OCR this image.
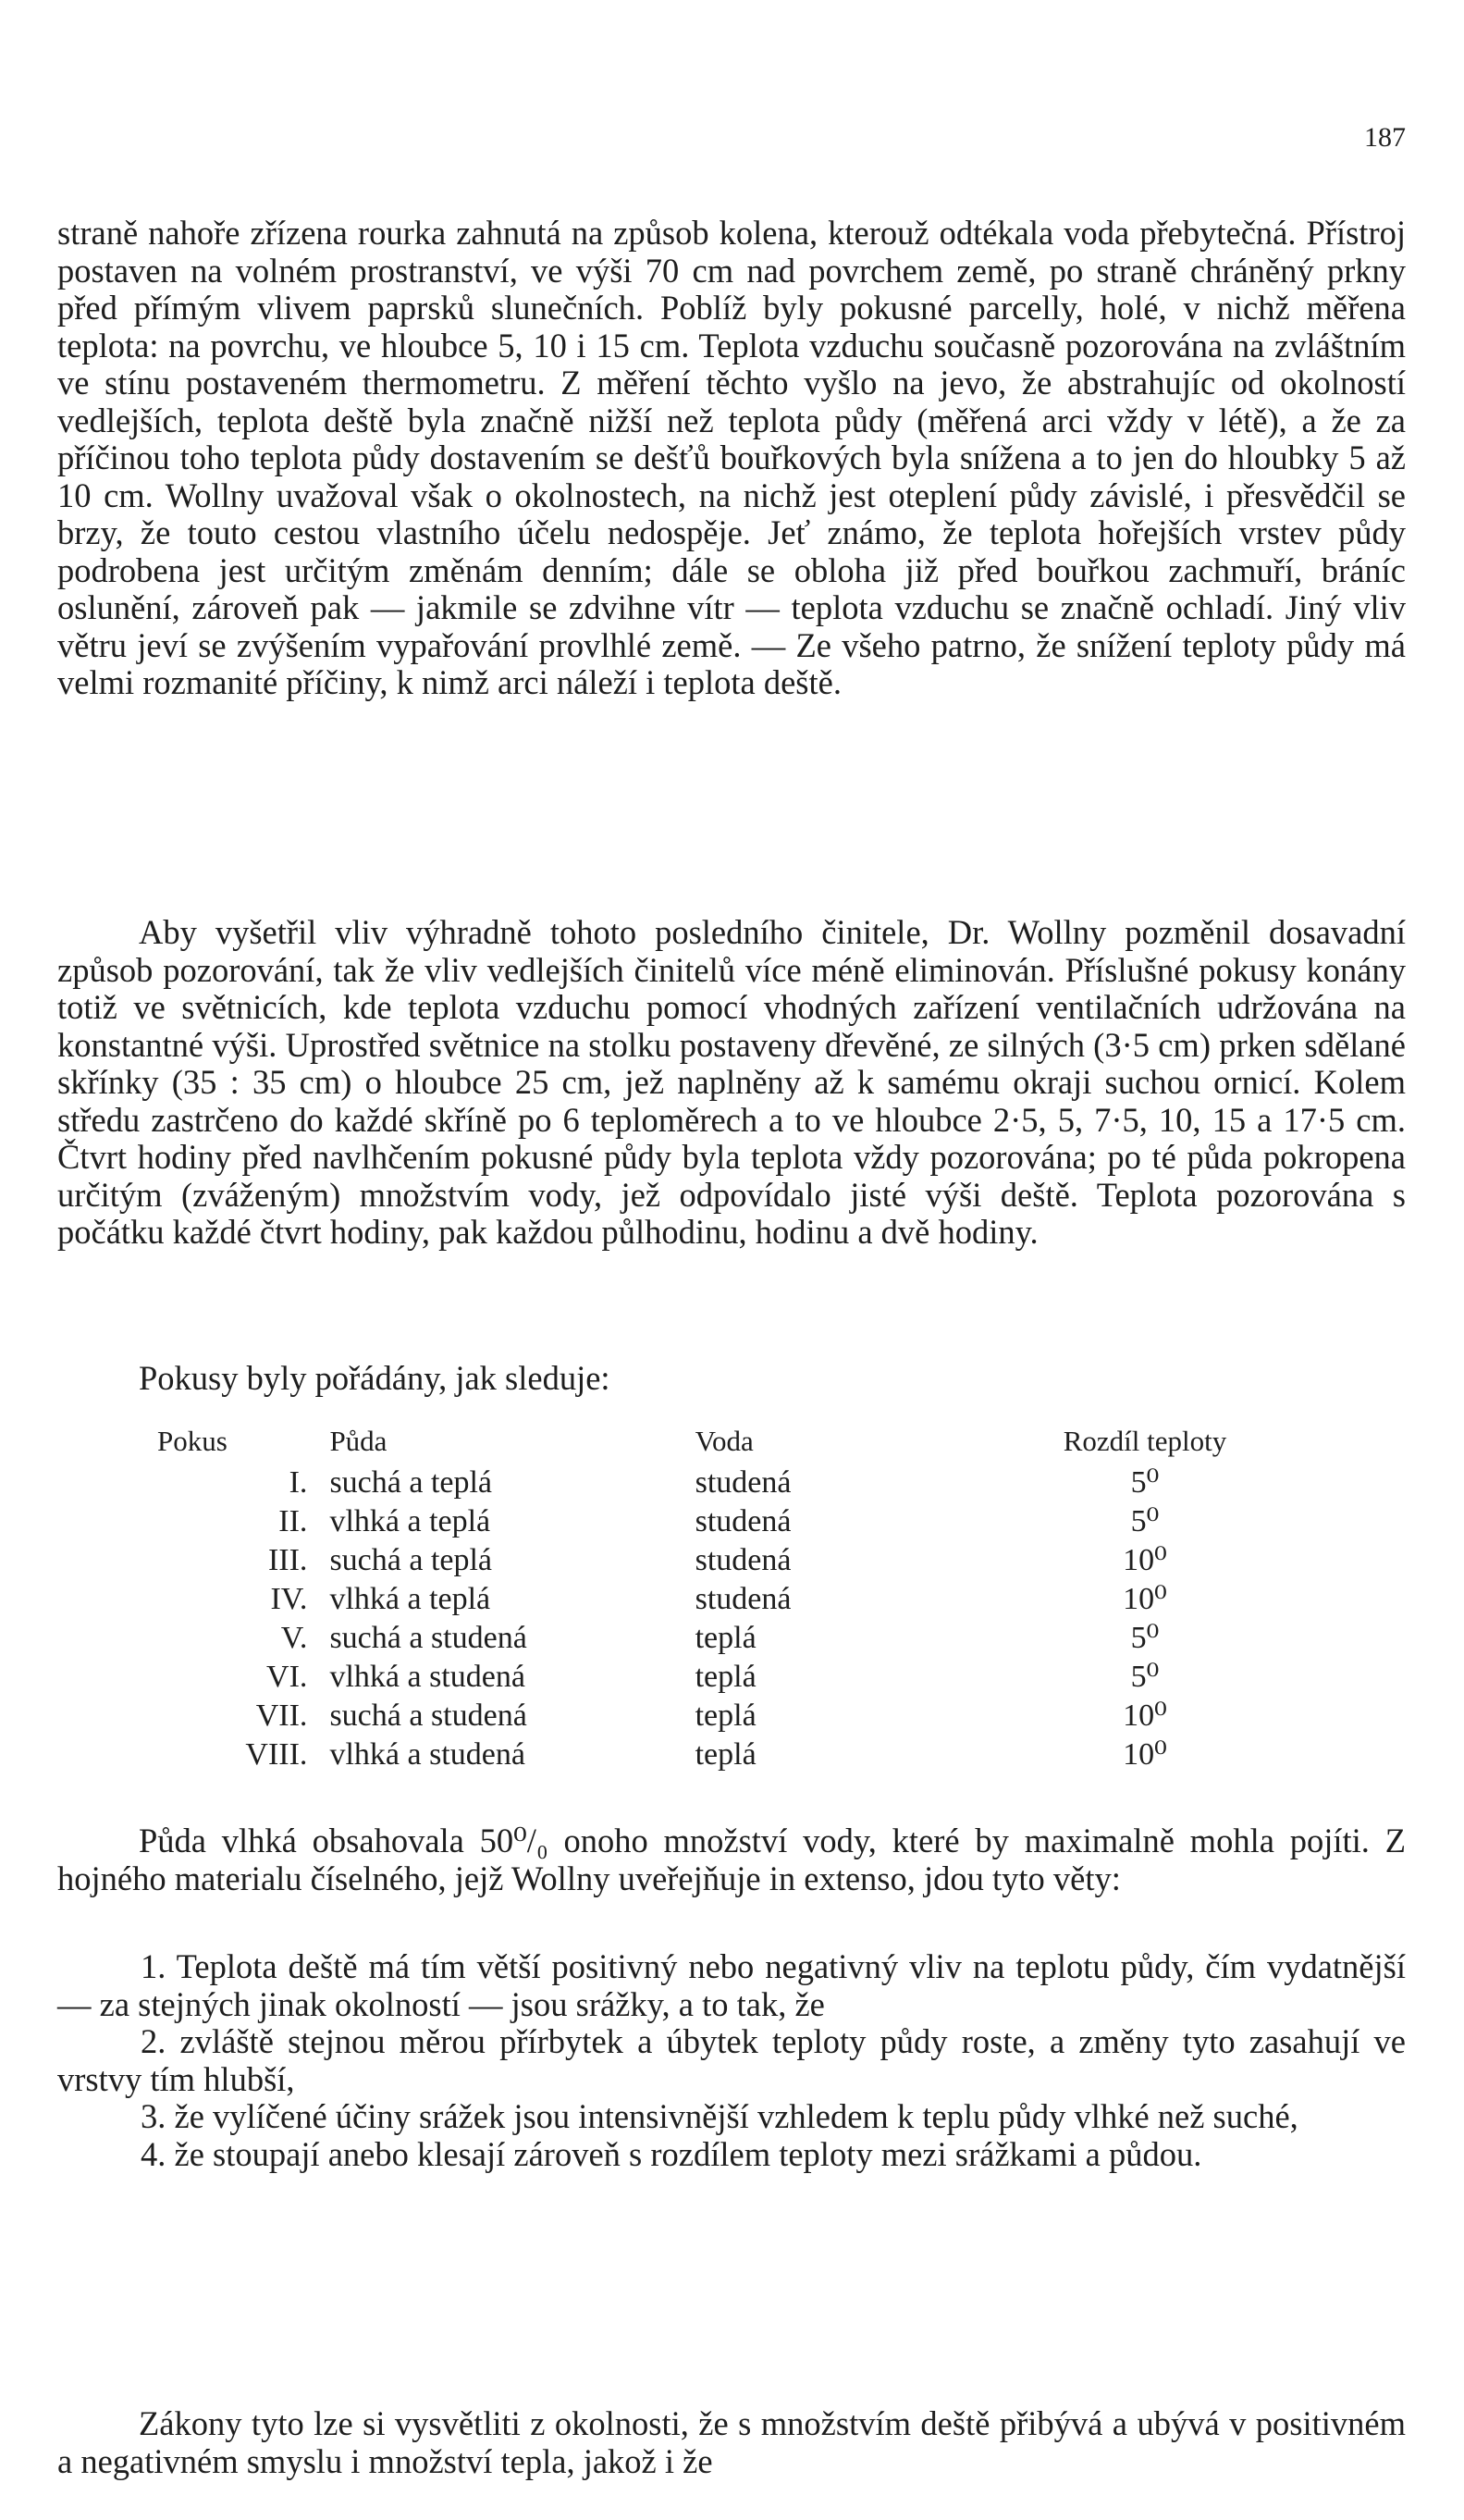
187

straně nahoře zřízena rourka zahnutá na způsob kolena, kterouž odtékala voda přebytečná. Přístroj postaven na volném prostranství, ve výši 70 cm nad povrchem země, po straně chráněný prkny před přímým vlivem paprsků slunečních. Poblíž byly pokusné parcelly, holé, v nichž měřena teplota: na povrchu, ve hloubce 5, 10 i 15 cm. Teplota vzduchu současně pozorována na zvláštním ve stínu postaveném thermometru. Z měření těchto vyšlo na jevo, že abstrahujíc od okolností vedlejších, teplota deště byla značně nižší než teplota půdy (měřená arci vždy v létě), a že za příčinou toho teplota půdy dostavením se dešťů bouřkových byla snížena a to jen do hloubky 5 až 10 cm. Wollny uvažoval však o okolnostech, na nichž jest oteplení půdy závislé, i přesvědčil se brzy, že touto cestou vlastního účelu nedospěje. Jeť známo, že teplota hořejších vrstev půdy podrobena jest určitým změnám denním; dále se obloha již před bouřkou zachmuří, bráníc oslunění, zároveň pak — jakmile se zdvihne vítr — teplota vzduchu se značně ochladí. Jiný vliv větru jeví se zvýšením vypařování provlhlé země. — Ze všeho patrno, že snížení teploty půdy má velmi rozmanité příčiny, k nimž arci náleží i teplota deště.

Aby vyšetřil vliv výhradně tohoto posledního činitele, Dr. Wollny pozměnil dosavadní způsob pozorování, tak že vliv vedlejších činitelů více méně eliminován. Příslušné pokusy konány totiž ve světnicích, kde teplota vzduchu pomocí vhodných zařízení ventilačních udržována na konstantné výši. Uprostřed světnice na stolku postaveny dřevěné, ze silných (3·5 cm) prken sdělané skřínky (35 : 35 cm) o hloubce 25 cm, jež naplněny až k samému okraji suchou ornicí. Kolem středu zastrčeno do každé skříně po 6 teploměrech a to ve hloubce 2·5, 5, 7·5, 10, 15 a 17·5 cm. Čtvrt hodiny před navlhčením pokusné půdy byla teplota vždy pozorována; po té půda pokropena určitým (zváženým) množstvím vody, jež odpovídalo jisté výši deště. Teplota pozorována s počátku každé čtvrt hodiny, pak každou půlhodinu, hodinu a dvě hodiny.

Pokusy byly pořádány, jak sleduje:
Pokus	Půda	Voda	Rozdíl teploty
I.	suchá a teplá	studená	5⁰
II.	vlhká a teplá	studená	5⁰
III.	suchá a teplá	studená	10⁰
IV.	vlhká a teplá	studená	10⁰
V.	suchá a studená	teplá	5⁰
VI.	vlhká a studená	teplá	5⁰
VII.	suchá a studená	teplá	10⁰
VIII.	vlhká a studená	teplá	10⁰

Půda vlhká obsahovala 50⁰/₀ onoho množství vody, které by maximalně mohla pojíti. Z hojného materialu číselného, jejž Wollny uveřejňuje in extenso, jdou tyto věty:

1. Teplota deště má tím větší positivný nebo negativný vliv na teplotu půdy, čím vydatnější — za stejných jinak okolností — jsou srážky, a to tak, že

2. zvláště stejnou měrou přírbytek a úbytek teploty půdy roste, a změny tyto zasahují ve vrstvy tím hlubší,

3. že vylíčené účiny srážek jsou intensivnější vzhledem k teplu půdy vlhké než suché,

4. že stoupají anebo klesají zároveň s rozdílem teploty mezi srážkami a půdou.

Zákony tyto lze si vysvětliti z okolnosti, že s množstvím deště přibývá a ubývá v positivném a negativném smyslu i množství tepla, jakož i že
